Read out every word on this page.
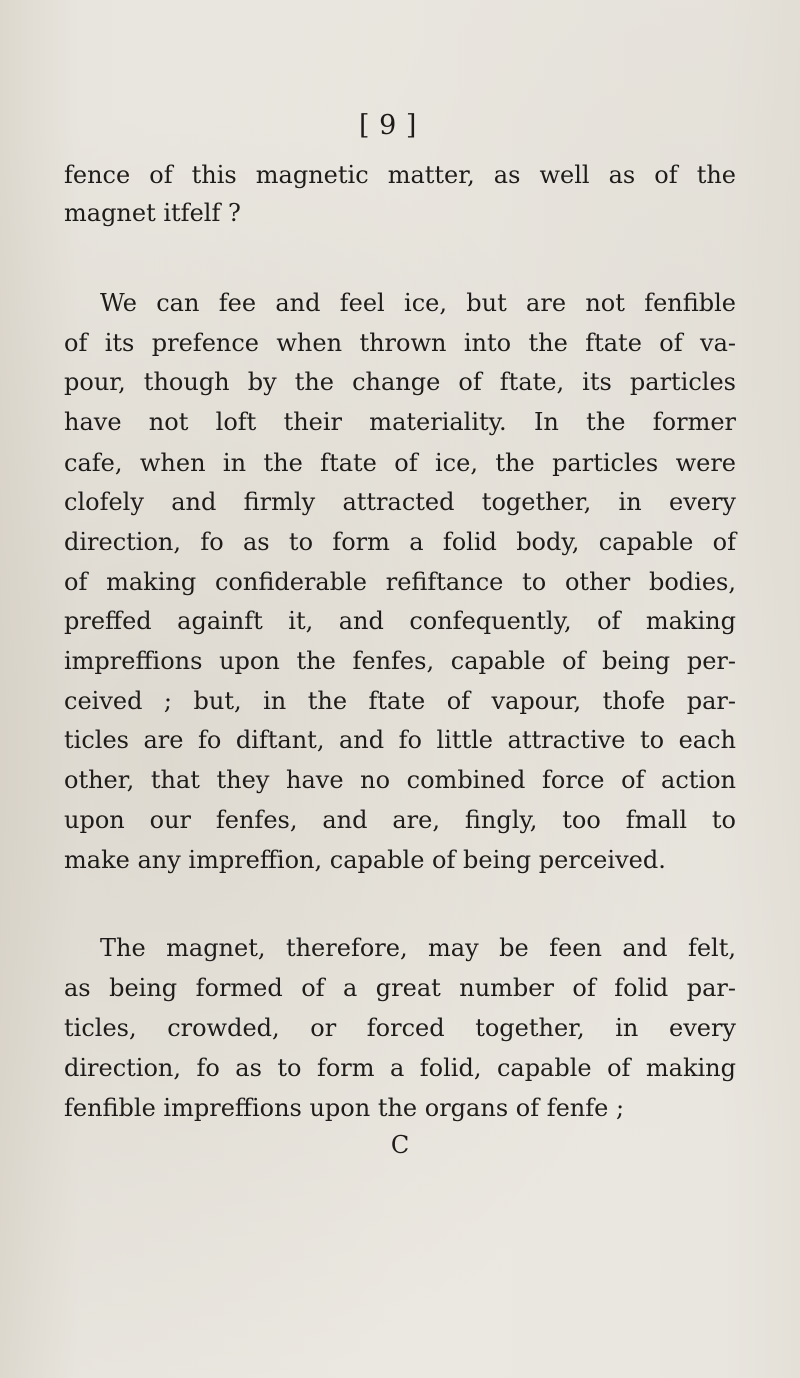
[ 9 ]
fence of this magnetic matter, as well as of the
magnet itfelf ?
We can fee and feel ice, but are not fenfible
of its prefence when thrown into the ftate of va-
pour, though by the change of ftate, its particles
have not loft their materiality. In the former
cafe, when in the ftate of ice, the particles were
clofely and firmly attracted together, in every
direction, fo as to form a folid body, capable of
of making confiderable refiftance to other bodies,
preffed againft it, and confequently, of making
impreffions upon the fenfes, capable of being per-
ceived ; but, in the ftate of vapour, thofe par-
ticles are fo diftant, and fo little attractive to each
other, that they have no combined force of action
upon our fenfes, and are, fingly, too fmall to
make any impreffion, capable of being perceived.
The magnet, therefore, may be feen and felt,
as being formed of a great number of folid par-
ticles, crowded, or forced together, in every
direction, fo as to form a folid, capable of making
fenfible impreffions upon the organs of fenfe ;
C
